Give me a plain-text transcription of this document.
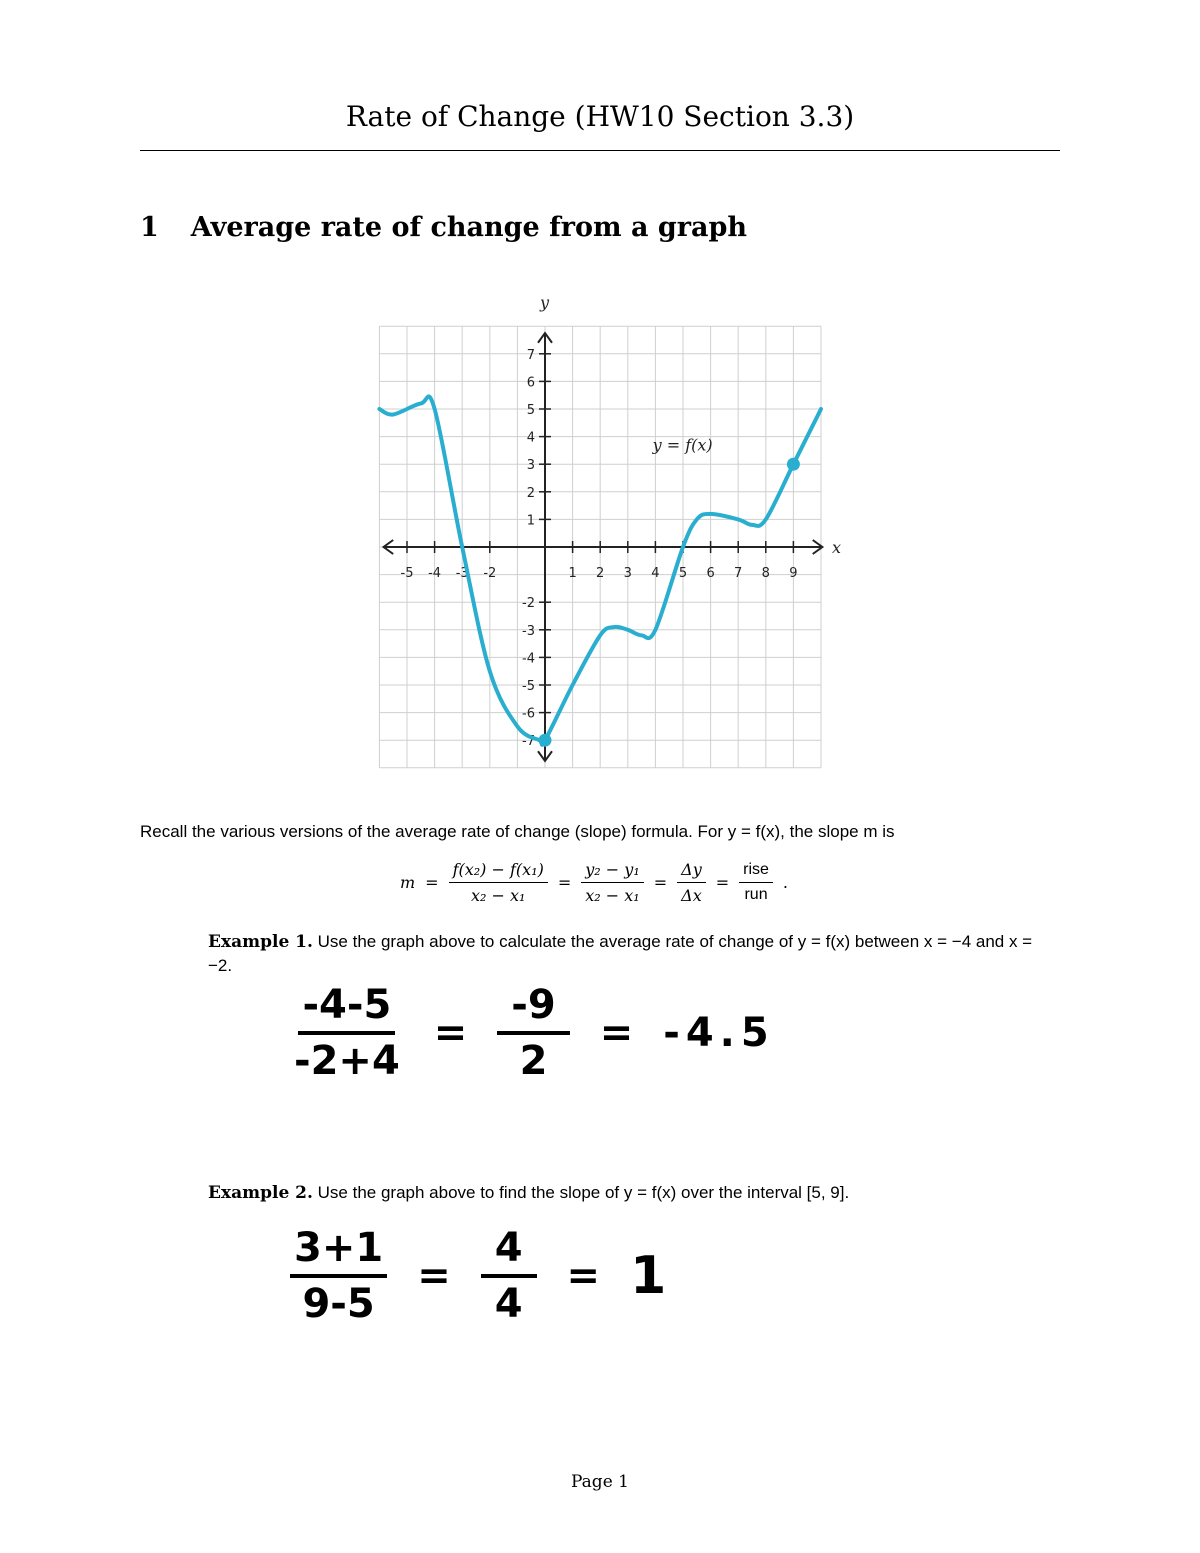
Rate of Change (HW10 Section 3.3)
1 Average rate of change from a graph
-5 -4 -3 -2	1 2 3 4 5 6 7 8 9
7
6
5
4
3
2
1
-2
-3
-4
-5
-6
-7
x
y
y = f(x)
Recall the various versions of the average rate of change (slope) formula. For y = f(x), the slope m is
$m = \frac{\text{f(x₂) − f(x₁)}}{\text{x₂ − x₁}} = \frac{\text{y₂ − y₁}}{\text{x₂ − x₁}} = \frac{\Delta y}{\Delta x} = \frac{\text{rise}}{\text{run}}$ .
Example 1. Use the graph above to calculate the average rate of change of y = f(x) between x = −4 and x = −2.
$\frac{-4-5}{-2+4} = \frac{-9}{2} = -4.5$
Example 2. Use the graph above to find the slope of y = f(x) over the interval [5, 9].
$\frac{3+1}{9-5} = \frac{4}{4} = 1$
Page 1
